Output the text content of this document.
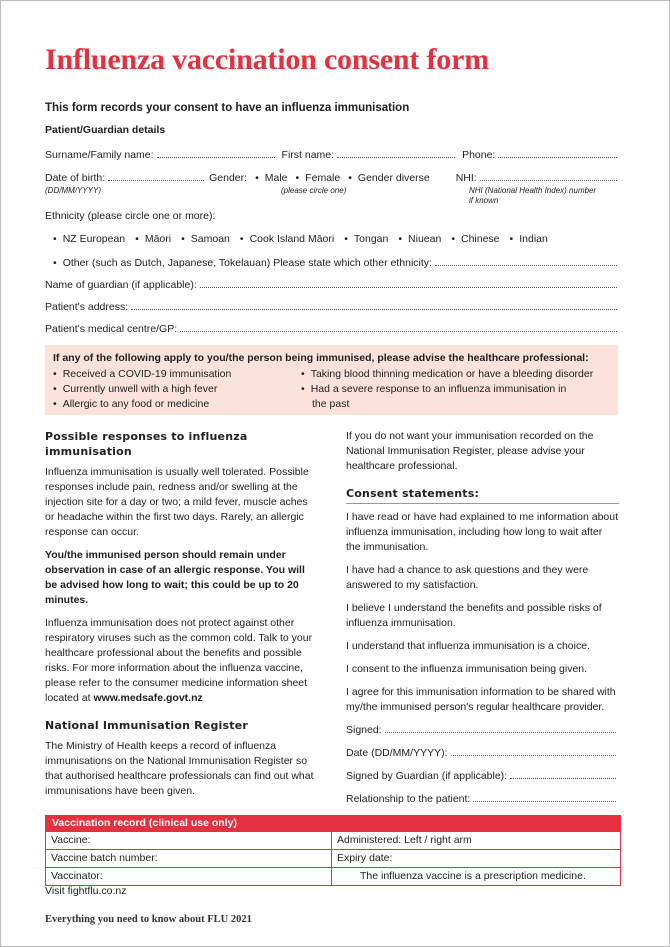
Influenza vaccination consent form
This form records your consent to have an influenza immunisation
Patient/Guardian details
Surname/Family name:	First name:	Phone:
Date of birth:	Gender:	• Male	• Female	• Gender diverse NHI:
(DD/MM/YYYY)	(please circle one)	NHI (National Health Index) number
if known
Ethnicity (please circle one or more):
• NZ European	• Māori	• Samoan	• Cook Island Māori	• Tongan	• Niuean	• Chinese	• Indian
• Other (such as Dutch, Japanese, Tokelauan) Please state which other ethnicity:
Name of guardian (if applicable):
Patient's address:
Patient's medical centre/GP:
If any of the following apply to you/the person being immunised, please advise the healthcare professional:
• Received a COVID-19 immunisation
• Currently unwell with a high fever
• Allergic to any food or medicine
• Taking blood thinning medication or have a bleeding disorder
• Had a severe response to an influenza immunisation in
the past
Possible responses to influenza immunisation

Influenza immunisation is usually well tolerated. Possible responses include pain, redness and/or swelling at the injection site for a day or two; a mild fever, muscle aches or headache within the first two days. Rarely, an allergic response can occur.

You/the immunised person should remain under observation in case of an allergic response. You will be advised how long to wait; this could be up to 20 minutes.

Influenza immunisation does not protect against other respiratory viruses such as the common cold. Talk to your healthcare professional about the benefits and possible risks. For more information about the influenza vaccine, please refer to the consumer medicine information sheet located at www.medsafe.govt.nz

National Immunisation Register

The Ministry of Health keeps a record of influenza immunisations on the National Immunisation Register so that authorised healthcare professionals can find out what immunisations have been given.

If you do not want your immunisation recorded on the National Immunisation Register, please advise your healthcare professional.

Consent statements:

I have read or have had explained to me information about influenza immunisation, including how long to wait after the immunisation.

I have had a chance to ask questions and they were answered to my satisfaction.

I believe I understand the benefits and possible risks of influenza immunisation.

I understand that influenza immunisation is a choice.

I consent to the influenza immunisation being given.

I agree for this immunisation information to be shared with my/the immunised person's regular healthcare provider.

Signed:
Date (DD/MM/YYYY):
Signed by Guardian (if applicable):
Relationship to the patient:
Vaccination record (clinical use only)
Vaccine:	Administered: Left / right arm
Vaccine batch number:	Expiry date:
Vaccinator:	The influenza vaccine is a prescription medicine.
Visit fightflu.co.nz
Everything you need to know about FLU 2021
